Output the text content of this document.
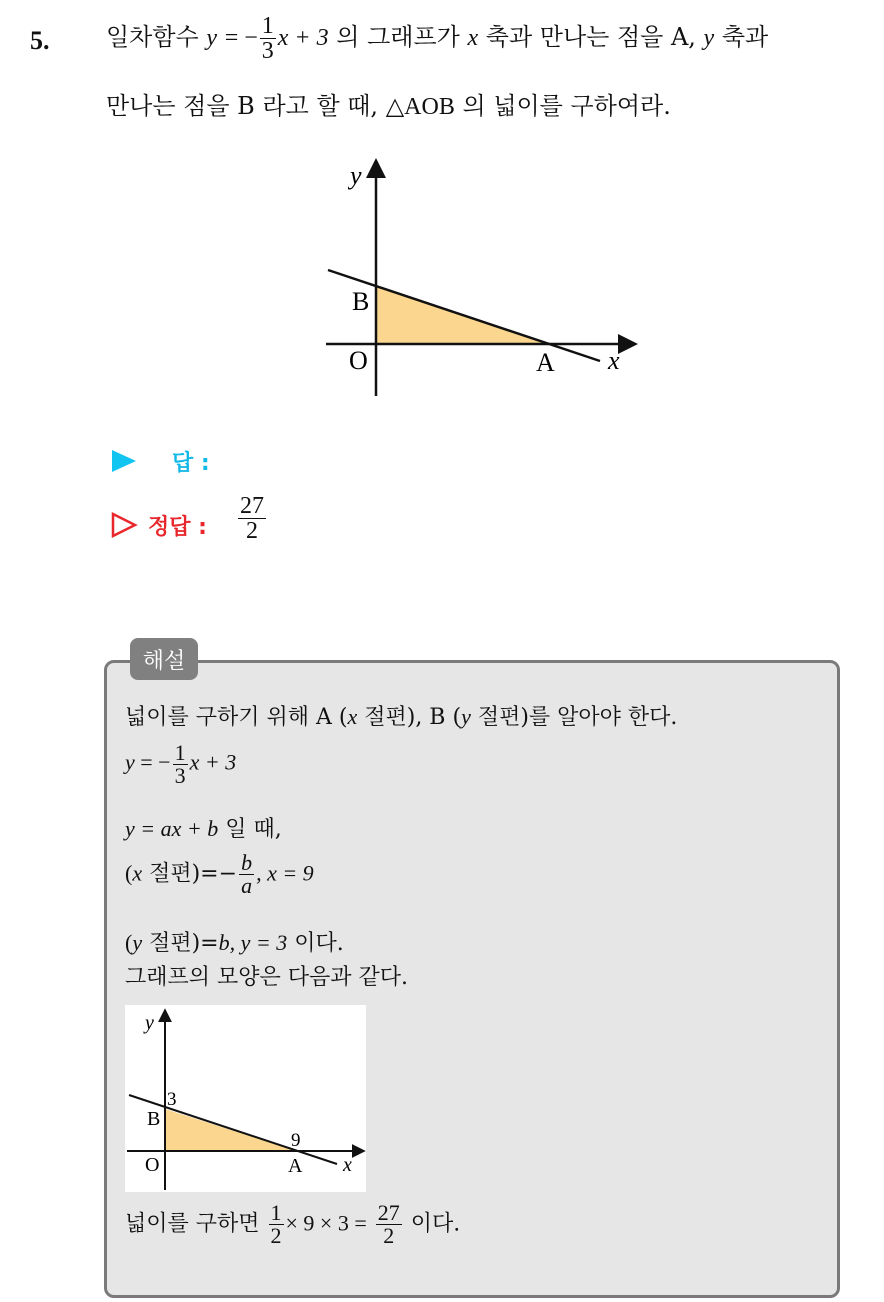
5. 일차함수 y = − $\frac{1}{3}$ x + 3 의 그래프가 x 축과 만나는 점을 A, y 축과
만나는 점을 B 라고 할 때, △AOB 의 넓이를 구하여라.
y
x
B
O	A
답 :
정답 : $\frac{27}{2}$
해설
넓이를 구하기 위해 A (x 절편), B (y 절편)를 알아야 한다.
y = − $\frac{1}{3}$ x + 3
y = ax + b 일 때,
(x 절편)=− $\frac{b}{a}$ , x = 9
(y 절편)=b, y = 3 이다.
그래프의 모양은 다음과 같다.
y
x
3
B
9
O	A
넓이를 구하면 $\frac{1}{2} \times 9 \times 3 = \frac{27}{2}$ 이다.
